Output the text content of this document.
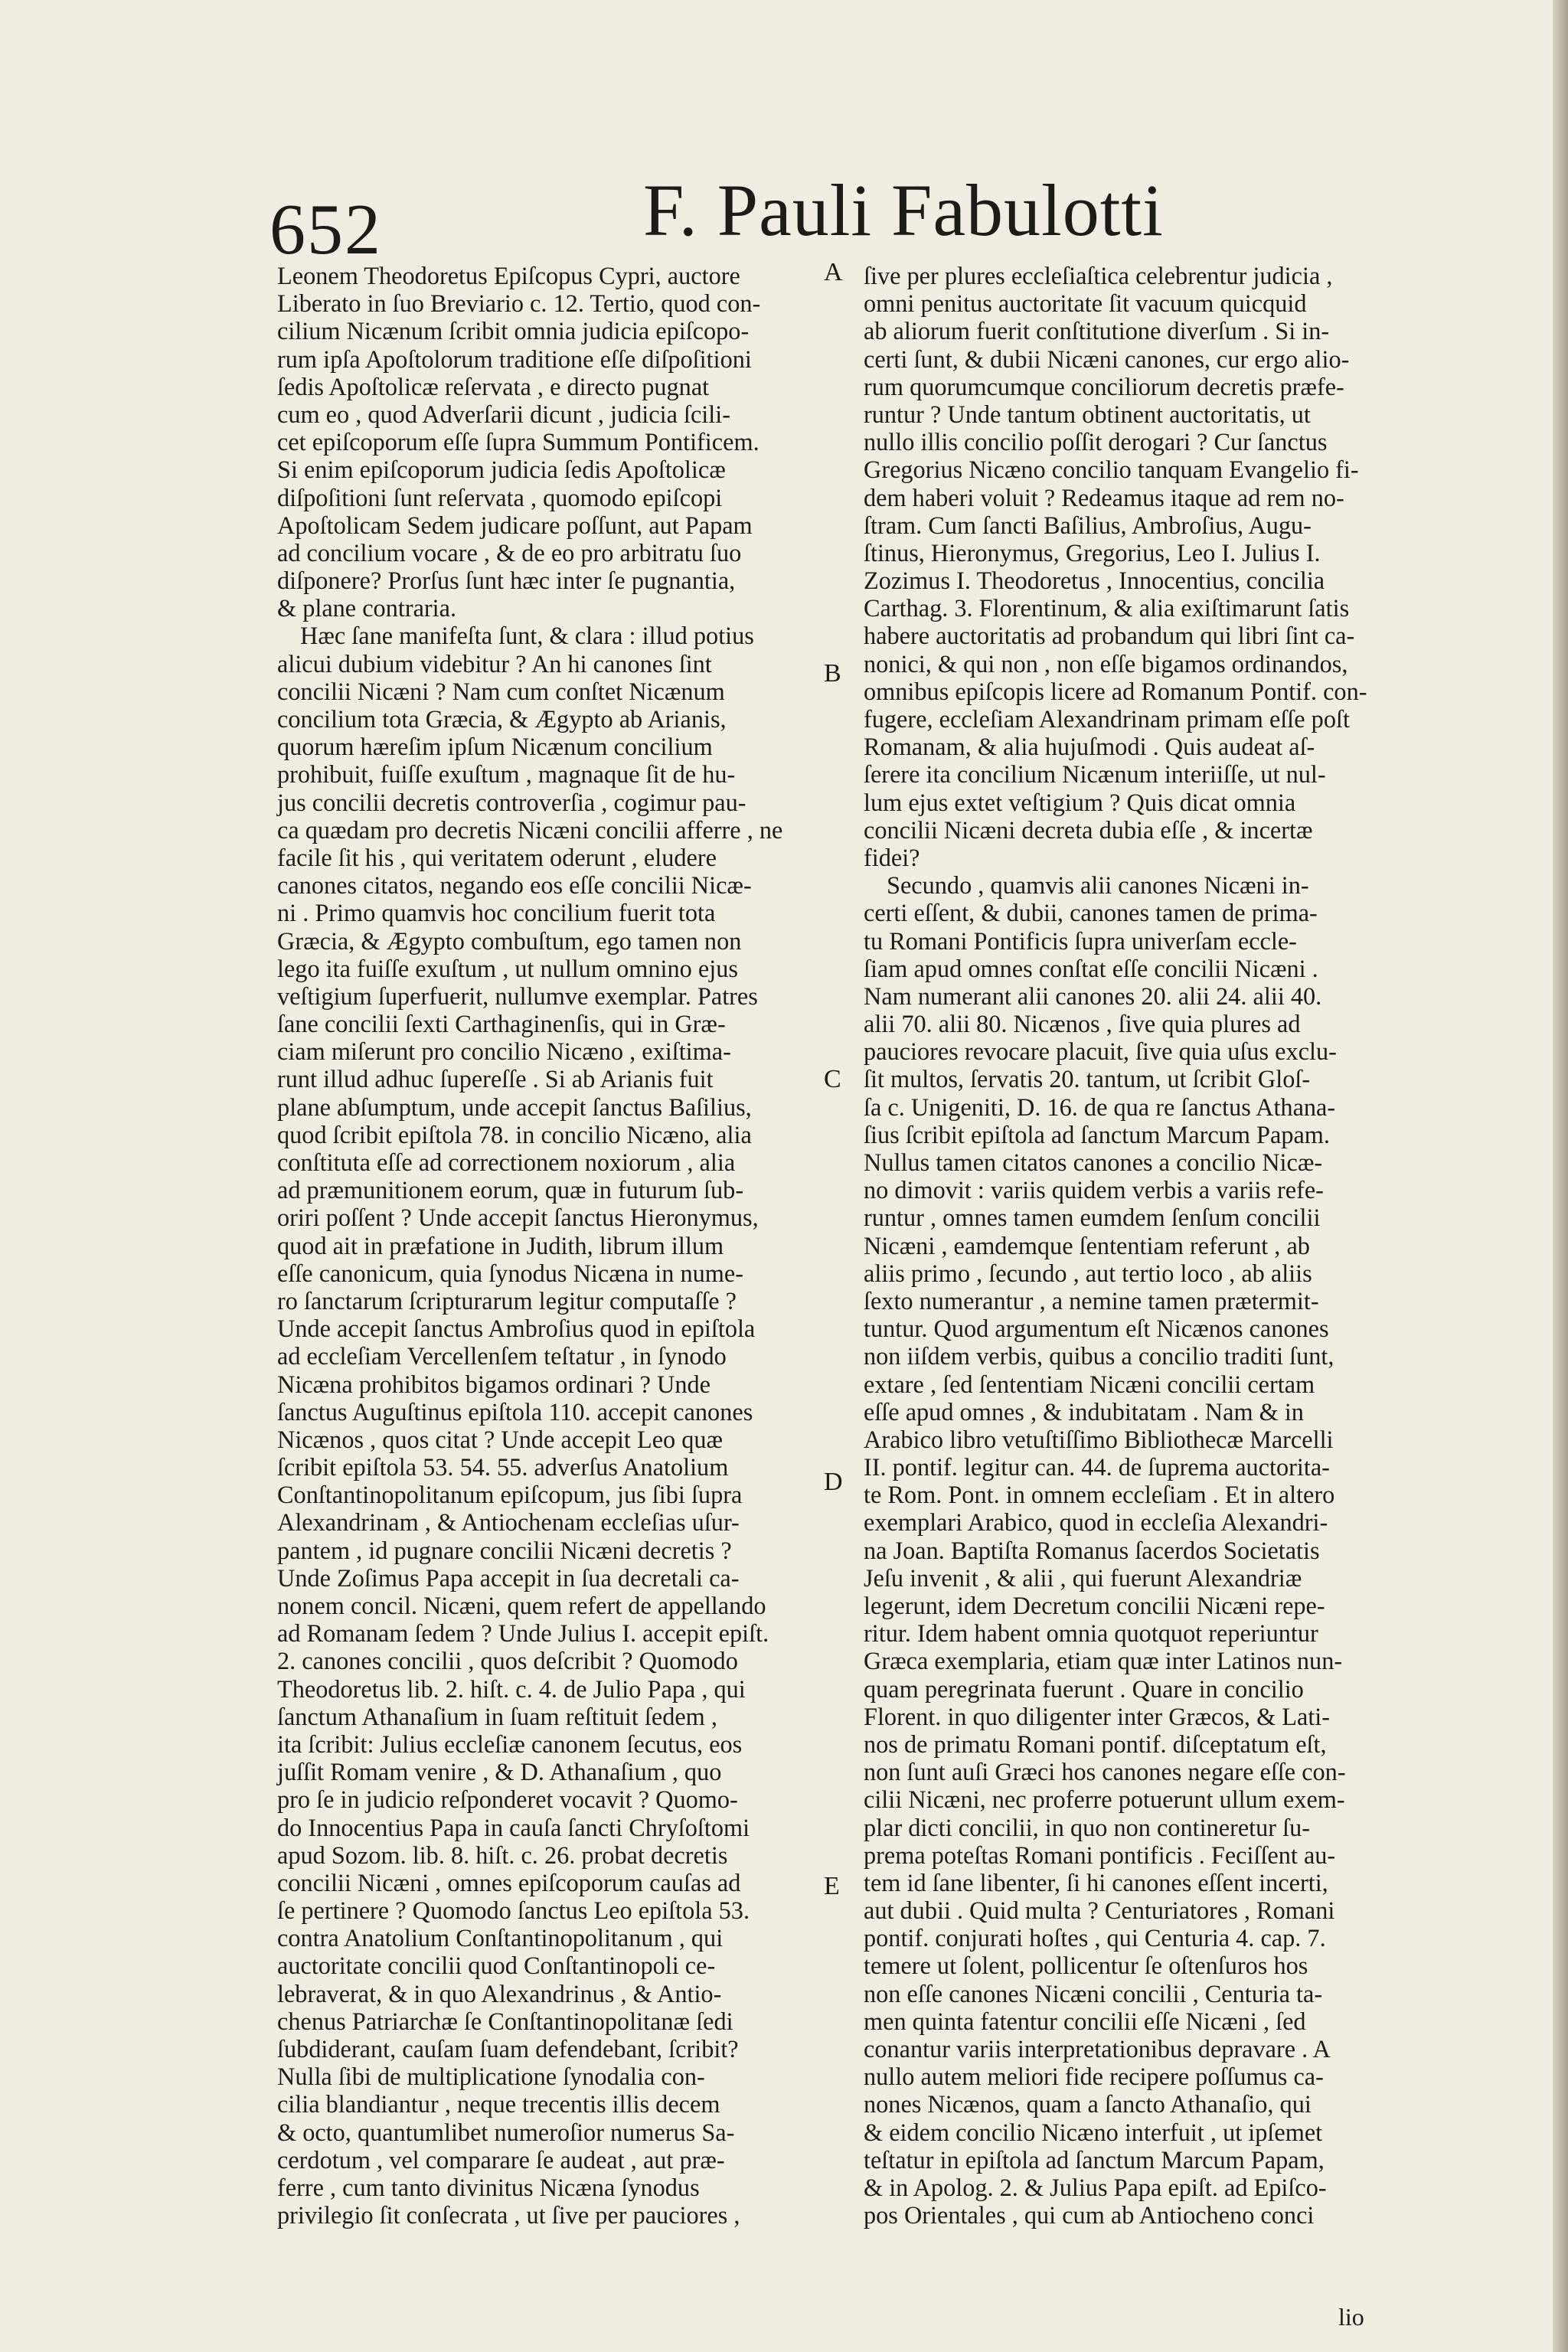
652	F. Pauli Fabulotti
Leonem Theodoretus Epiſcopus Cypri, auctore
Liberato in ſuo Breviario c. 12. Tertio, quod con-
cilium Nicænum ſcribit omnia judicia epiſcopo-
rum ipſa Apoſtolorum traditione eſſe diſpoſitioni
ſedis Apoſtolicæ reſervata , e directo pugnat
cum eo , quod Adverſarii dicunt , judicia ſcili-
cet epiſcoporum eſſe ſupra Summum Pontificem.
Si enim epiſcoporum judicia ſedis Apoſtolicæ
diſpoſitioni ſunt reſervata , quomodo epiſcopi
Apoſtolicam Sedem judicare poſſunt, aut Papam
ad concilium vocare , & de eo pro arbitratu ſuo
diſponere? Prorſus ſunt hæc inter ſe pugnantia,
& plane contraria.
Hæc ſane manifeſta ſunt, & clara : illud potius
alicui dubium videbitur ? An hi canones ſint
concilii Nicæni ? Nam cum conſtet Nicænum
concilium tota Græcia, & Ægypto ab Arianis,
quorum hæreſim ipſum Nicænum concilium
prohibuit, fuiſſe exuſtum , magnaque ſit de hu-
jus concilii decretis controverſia , cogimur pau-
ca quædam pro decretis Nicæni concilii afferre , ne
facile ſit his , qui veritatem oderunt , eludere
canones citatos, negando eos eſſe concilii Nicæ-
ni . Primo quamvis hoc concilium fuerit tota
Græcia, & Ægypto combuſtum, ego tamen non
lego ita fuiſſe exuſtum , ut nullum omnino ejus
veſtigium ſuperfuerit, nullumve exemplar. Patres
ſane concilii ſexti Carthaginenſis, qui in Græ-
ciam miſerunt pro concilio Nicæno , exiſtima-
runt illud adhuc ſupereſſe . Si ab Arianis fuit
plane abſumptum, unde accepit ſanctus Baſilius,
quod ſcribit epiſtola 78. in concilio Nicæno, alia
conſtituta eſſe ad correctionem noxiorum , alia
ad præmunitionem eorum, quæ in futurum ſub-
oriri poſſent ? Unde accepit ſanctus Hieronymus,
quod ait in præfatione in Judith, librum illum
eſſe canonicum, quia ſynodus Nicæna in nume-
ro ſanctarum ſcripturarum legitur computaſſe ?
Unde accepit ſanctus Ambroſius quod in epiſtola
ad eccleſiam Vercellenſem teſtatur , in ſynodo
Nicæna prohibitos bigamos ordinari ? Unde
ſanctus Auguſtinus epiſtola 110. accepit canones
Nicænos , quos citat ? Unde accepit Leo quæ
ſcribit epiſtola 53. 54. 55. adverſus Anatolium
Conſtantinopolitanum epiſcopum, jus ſibi ſupra
Alexandrinam , & Antiochenam eccleſias uſur-
pantem , id pugnare concilii Nicæni decretis ?
Unde Zoſimus Papa accepit in ſua decretali ca-
nonem concil. Nicæni, quem refert de appellando
ad Romanam ſedem ? Unde Julius I. accepit epiſt.
2. canones concilii , quos deſcribit ? Quomodo
Theodoretus lib. 2. hiſt. c. 4. de Julio Papa , qui
ſanctum Athanaſium in ſuam reſtituit ſedem ,
ita ſcribit: Julius eccleſiæ canonem ſecutus, eos
juſſit Romam venire , & D. Athanaſium , quo
pro ſe in judicio reſponderet vocavit ? Quomo-
do Innocentius Papa in cauſa ſancti Chryſoſtomi
apud Sozom. lib. 8. hiſt. c. 26. probat decretis
concilii Nicæni , omnes epiſcoporum cauſas ad
ſe pertinere ? Quomodo ſanctus Leo epiſtola 53.
contra Anatolium Conſtantinopolitanum , qui
auctoritate concilii quod Conſtantinopoli ce-
lebraverat, & in quo Alexandrinus , & Antio-
chenus Patriarchæ ſe Conſtantinopolitanæ ſedi
ſubdiderant, cauſam ſuam defendebant, ſcribit?
Nulla ſibi de multiplicatione ſynodalia con-
cilia blandiantur , neque trecentis illis decem
& octo, quantumlibet numeroſior numerus Sa-
cerdotum , vel comparare ſe audeat , aut præ-
ferre , cum tanto divinitus Nicæna ſynodus
privilegio ſit conſecrata , ut ſive per pauciores ,
ſive per plures eccleſiaſtica celebrentur judicia ,
omni penitus auctoritate ſit vacuum quicquid
ab aliorum fuerit conſtitutione diverſum . Si in-
certi ſunt, & dubii Nicæni canones, cur ergo alio-
rum quorumcumque conciliorum decretis præfe-
runtur ? Unde tantum obtinent auctoritatis, ut
nullo illis concilio poſſit derogari ? Cur ſanctus
Gregorius Nicæno concilio tanquam Evangelio fi-
dem haberi voluit ? Redeamus itaque ad rem no-
ſtram. Cum ſancti Baſilius, Ambroſius, Augu-
ſtinus, Hieronymus, Gregorius, Leo I. Julius I.
Zozimus I. Theodoretus , Innocentius, concilia
Carthag. 3. Florentinum, & alia exiſtimarunt ſatis
habere auctoritatis ad probandum qui libri ſint ca-
nonici, & qui non , non eſſe bigamos ordinandos,
omnibus epiſcopis licere ad Romanum Pontif. con-
fugere, eccleſiam Alexandrinam primam eſſe poſt
Romanam, & alia hujuſmodi . Quis audeat aſ-
ſerere ita concilium Nicænum interiiſſe, ut nul-
lum ejus extet veſtigium ? Quis dicat omnia
concilii Nicæni decreta dubia eſſe , & incertæ
fidei?
Secundo , quamvis alii canones Nicæni in-
certi eſſent, & dubii, canones tamen de prima-
tu Romani Pontificis ſupra univerſam eccle-
ſiam apud omnes conſtat eſſe concilii Nicæni .
Nam numerant alii canones 20. alii 24. alii 40.
alii 70. alii 80. Nicænos , ſive quia plures ad
pauciores revocare placuit, ſive quia uſus exclu-
ſit multos, ſervatis 20. tantum, ut ſcribit Gloſ-
ſa c. Unigeniti, D. 16. de qua re ſanctus Athana-
ſius ſcribit epiſtola ad ſanctum Marcum Papam.
Nullus tamen citatos canones a concilio Nicæ-
no dimovit : variis quidem verbis a variis refe-
runtur , omnes tamen eumdem ſenſum concilii
Nicæni , eamdemque ſententiam referunt , ab
aliis primo , ſecundo , aut tertio loco , ab aliis
ſexto numerantur , a nemine tamen prætermit-
tuntur. Quod argumentum eſt Nicænos canones
non iiſdem verbis, quibus a concilio traditi ſunt,
extare , ſed ſententiam Nicæni concilii certam
eſſe apud omnes , & indubitatam . Nam & in
Arabico libro vetuſtiſſimo Bibliothecæ Marcelli
II. pontif. legitur can. 44. de ſuprema auctorita-
te Rom. Pont. in omnem eccleſiam . Et in altero
exemplari Arabico, quod in eccleſia Alexandri-
na Joan. Baptiſta Romanus ſacerdos Societatis
Jeſu invenit , & alii , qui fuerunt Alexandriæ
legerunt, idem Decretum concilii Nicæni repe-
ritur. Idem habent omnia quotquot reperiuntur
Græca exemplaria, etiam quæ inter Latinos nun-
quam peregrinata fuerunt . Quare in concilio
Florent. in quo diligenter inter Græcos, & Lati-
nos de primatu Romani pontif. diſceptatum eſt,
non ſunt auſi Græci hos canones negare eſſe con-
cilii Nicæni, nec proferre potuerunt ullum exem-
plar dicti concilii, in quo non contineretur ſu-
prema poteſtas Romani pontificis . Feciſſent au-
tem id ſane libenter, ſi hi canones eſſent incerti,
aut dubii . Quid multa ? Centuriatores , Romani
pontif. conjurati hoſtes , qui Centuria 4. cap. 7.
temere ut ſolent, pollicentur ſe oſtenſuros hos
non eſſe canones Nicæni concilii , Centuria ta-
men quinta fatentur concilii eſſe Nicæni , ſed
conantur variis interpretationibus depravare . A
nullo autem meliori fide recipere poſſumus ca-
nones Nicænos, quam a ſancto Athanaſio, qui
& eidem concilio Nicæno interfuit , ut ipſemet
teſtatur in epiſtola ad ſanctum Marcum Papam,
& in Apolog. 2. & Julius Papa epiſt. ad Epiſco-
pos Orientales , qui cum ab Antiocheno conci
A
B
C
D
E
lio
